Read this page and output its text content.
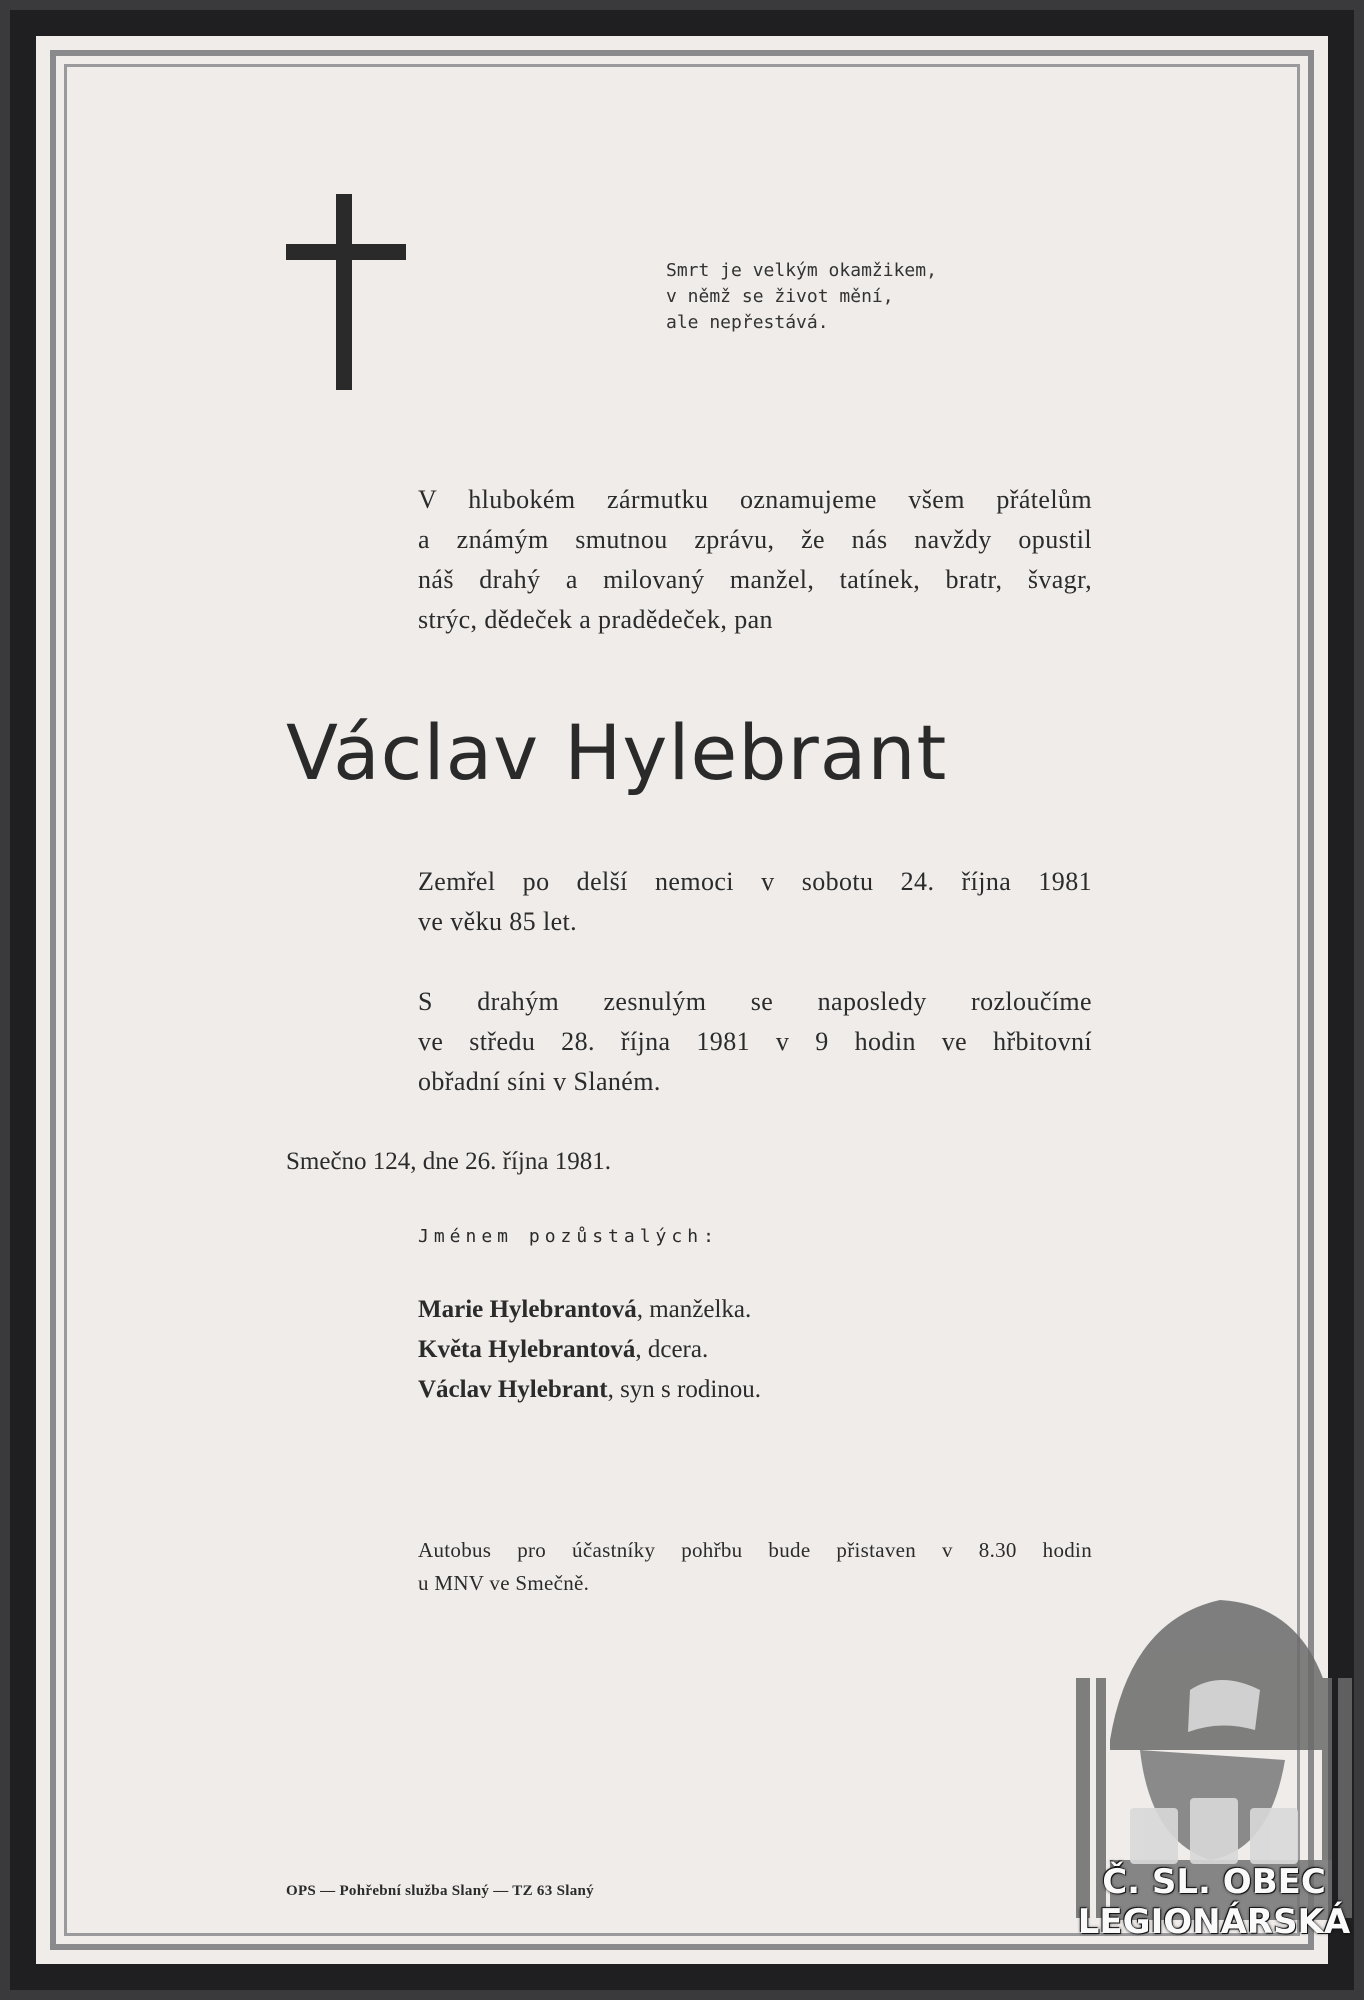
Smrt je velkým okamžikem,
v němž se život mění,
ale nepřestává.
V hlubokém zármutku oznamujeme všem přátelům
a známým smutnou zprávu, že nás navždy opustil
náš drahý a milovaný manžel, tatínek, bratr, švagr,
strýc, dědeček a pradědeček, pan
Václav Hylebrant
Zemřel po delší nemoci v sobotu 24. října 1981
ve věku 85 let.
S drahým zesnulým se naposledy rozloučíme
ve středu 28. října 1981 v 9 hodin ve hřbitovní
obřadní síni v Slaném.
Smečno 124, dne 26. října 1981.
Jménem pozůstalých:
Marie Hylebrantová, manželka.
Květa Hylebrantová, dcera.
Václav Hylebrant, syn s rodinou.
Autobus pro účastníky pohřbu bude přistaven v 8.30 hodin
u MNV ve Smečně.
OPS — Pohřební služba Slaný — TZ 63 Slaný	Č. SL. OBEC
LEGIONÁRSKÁ
